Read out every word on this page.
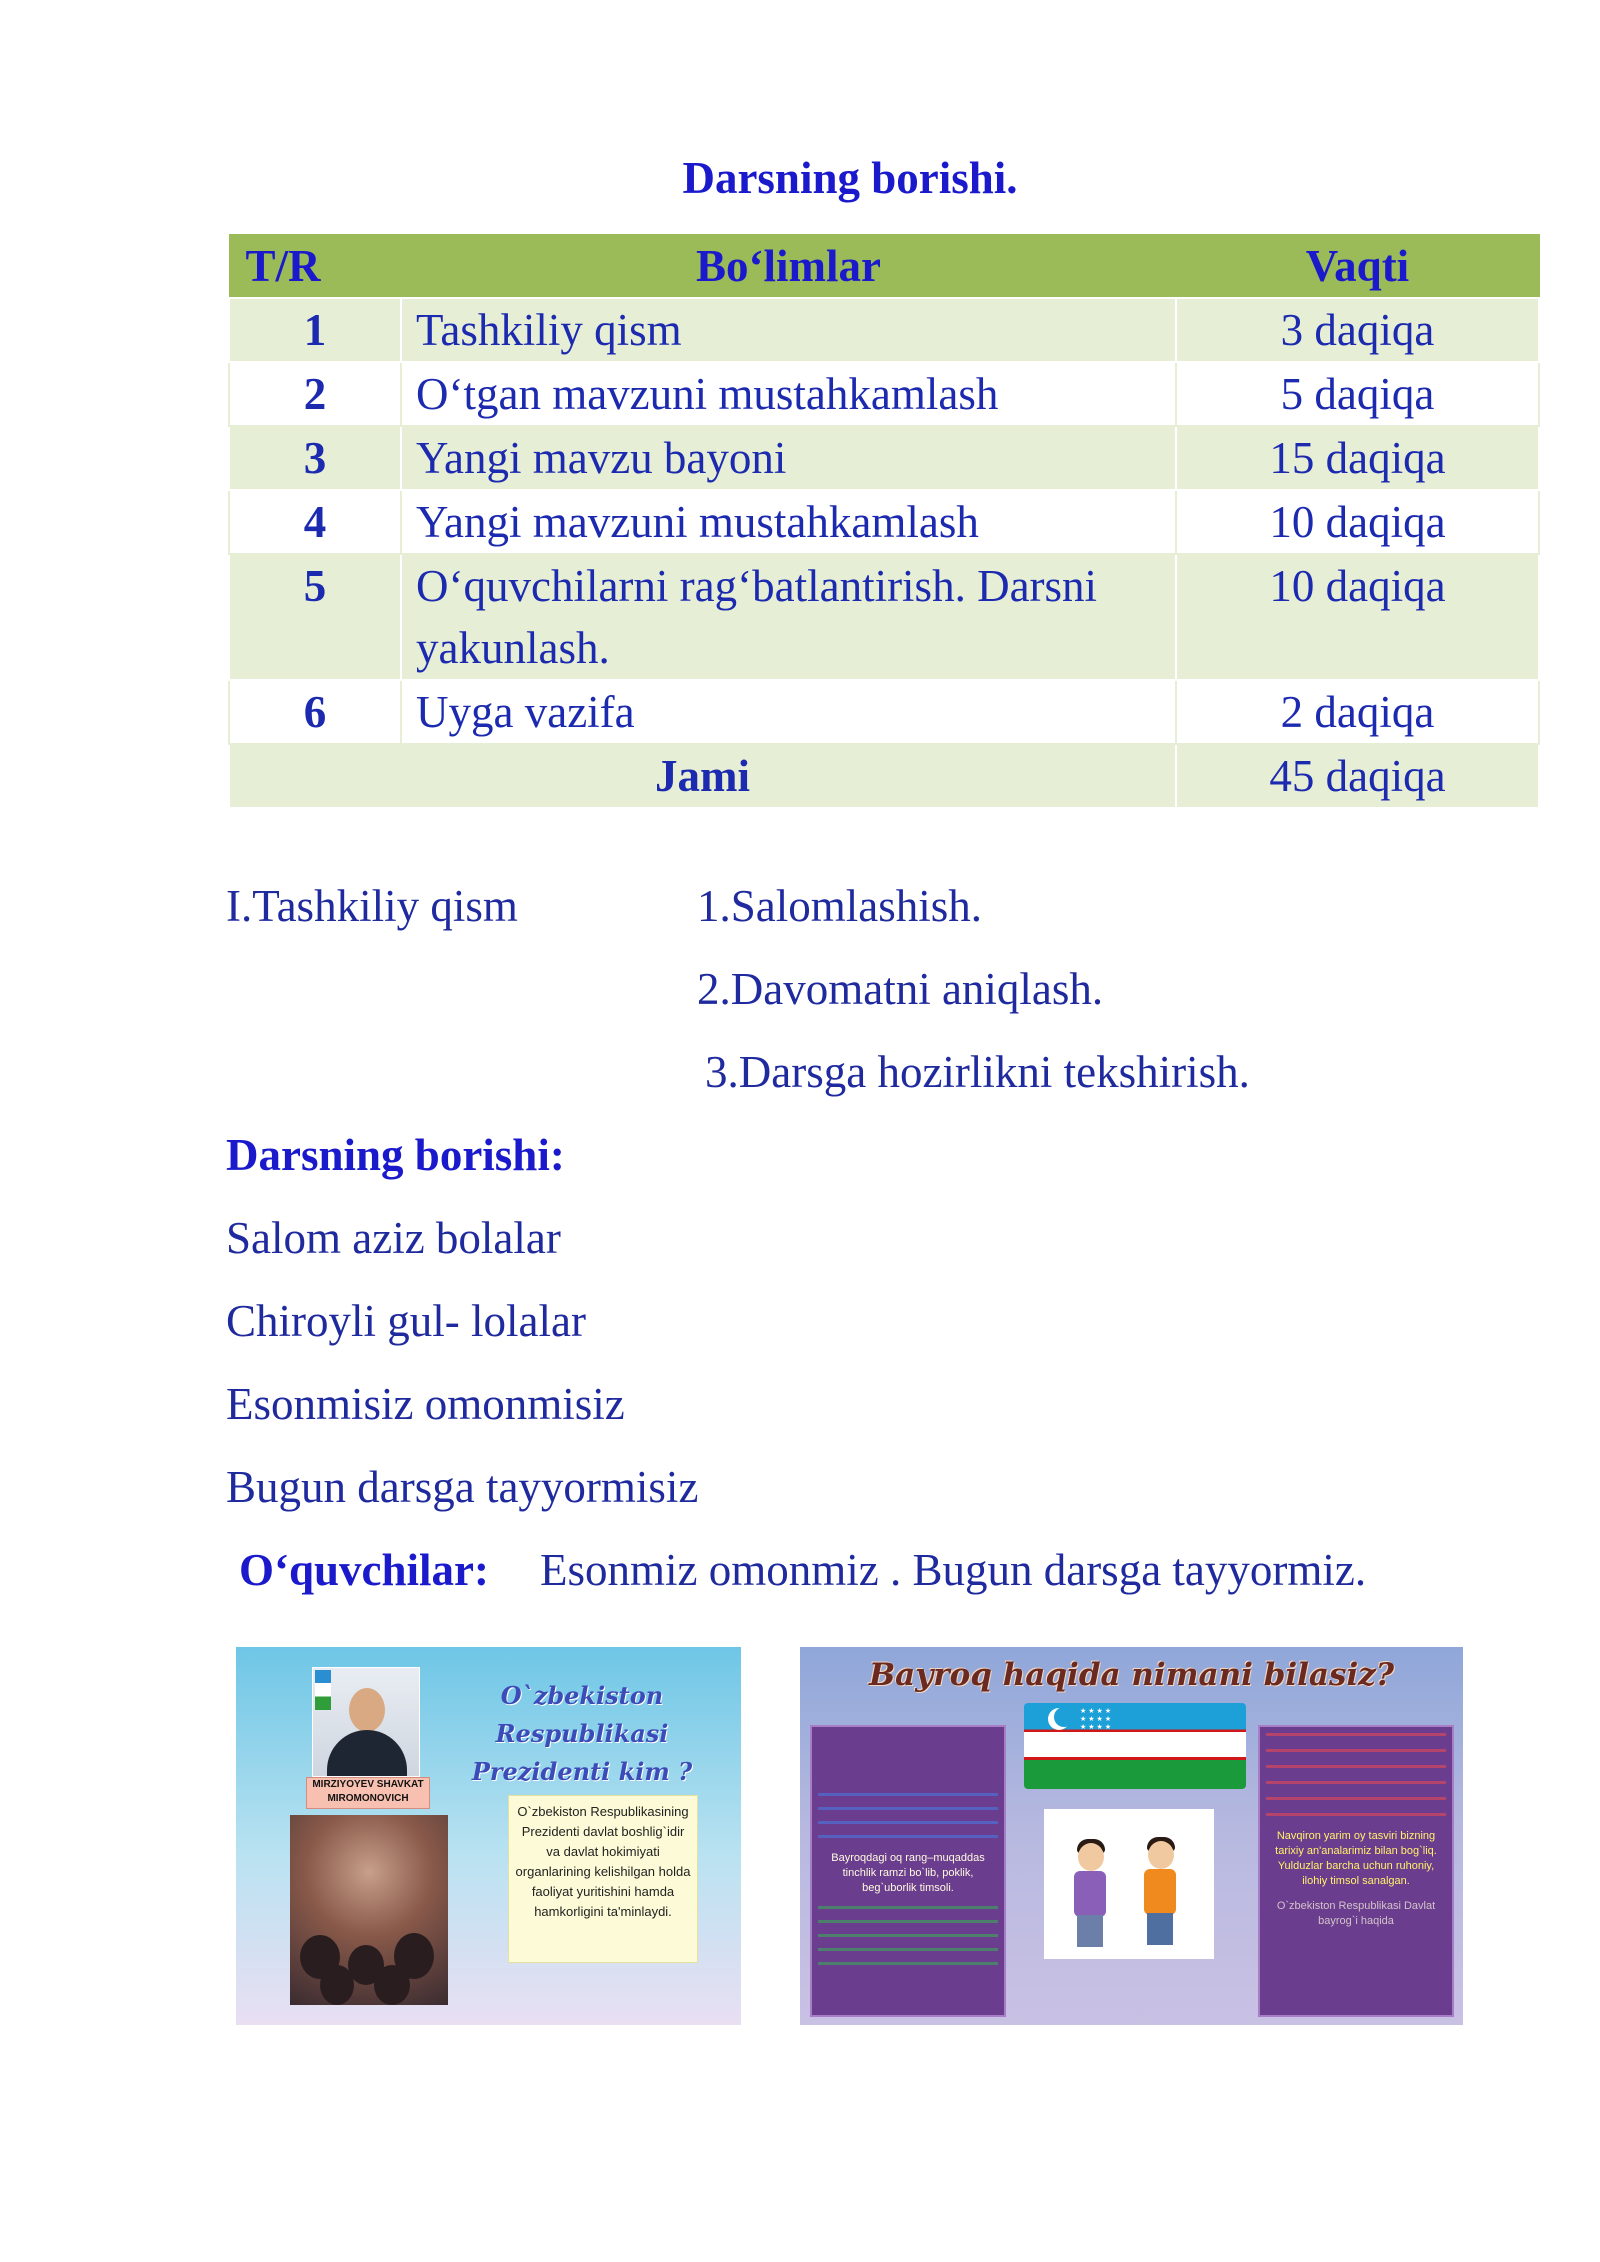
Darsning borishi.
T/R	Bo‘limlar	Vaqti
1	Tashkiliy qism	3 daqiqa
2	O‘tgan mavzuni mustahkamlash	5 daqiqa
3	Yangi mavzu bayoni	15 daqiqa
4	Yangi mavzuni mustahkamlash	10 daqiqa
5	O‘quvchilarni rag‘batlantirish. Darsni yakunlash.	10 daqiqa
6	Uyga vazifa	2 daqiqa
Jami		45 daqiqa
I.Tashkiliy qism	1.Salomlashish.
2.Davomatni aniqlash.
3.Darsga hozirlikni tekshirish.
Darsning borishi:
Salom aziz bolalar
Chiroyli gul- lolalar
Esonmisiz omonmisiz
Bugun darsga tayyormisiz
O‘quvchilar: Esonmiz omonmiz . Bugun darsga tayyormiz.
MIRZIYOYEV SHAVKAT
MIROMONOVICH
O`zbekiston Respublikasi Prezidenti kim ?
O`zbekiston Respublikasining Prezidenti davlat boshlig`idir va davlat hokimiyati organlarining kelishilgan holda faoliyat yuritishini hamda hamkorligini ta'minlaydi.
Bayroq haqida nimani bilasiz?
Bayroqdagi oq rang–muqaddas tinchlik ramzi bo`lib, poklik, beg`uborlik timsoli.
★★★★ ★★★★ ★★★★
Navqiron yarim oy tasviri bizning tarixiy an'analarimiz bilan bog`liq. Yulduzlar barcha uchun ruhoniy, ilohiy timsol sanalgan.
O`zbekiston Respublikasi Davlat bayrog`i haqida
